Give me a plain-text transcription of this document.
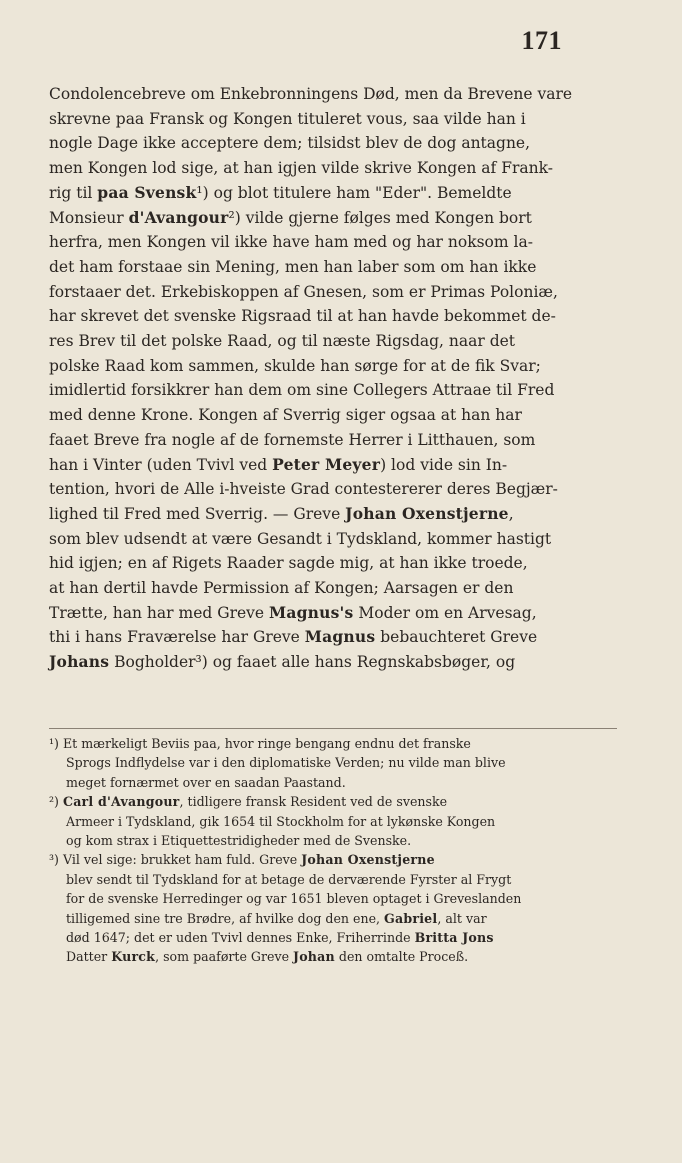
171
Condolencebreve om Enkebronningens Død, men da Brevene vare
skrevne paa Fransk og Kongen tituleret vous, saa vilde han i
nogle Dage ikke acceptere dem; tilsidst blev de dog antagne,
men Kongen lod sige, at han igjen vilde skrive Kongen af Frank-
rig til paa Svensk¹) og blot titulere ham "Eder". Bemeldte
Monsieur d'Avangour²) vilde gjerne følges med Kongen bort
herfra, men Kongen vil ikke have ham med og har noksom la-
det ham forstaae sin Mening, men han laber som om han ikke
forstaaer det. Erkebiskoppen af Gnesen, som er Primas Poloniæ,
har skrevet det svenske Rigsraad til at han havde bekommet de-
res Brev til det polske Raad, og til næste Rigsdag, naar det
polske Raad kom sammen, skulde han sørge for at de fik Svar;
imidlertid forsikkrer han dem om sine Collegers Attraae til Fred
med denne Krone. Kongen af Sverrig siger ogsaa at han har
faaet Breve fra nogle af de fornemste Herrer i Litthauen, som
han i Vinter (uden Tvivl ved Peter Meyer) lod vide sin In-
tention, hvori de Alle i-hveiste Grad contestererer deres Begjær-
lighed til Fred med Sverrig. — Greve Johan Oxenstjerne,
som blev udsendt at være Gesandt i Tydskland, kommer hastigt
hid igjen; en af Rigets Raader sagde mig, at han ikke troede,
at han dertil havde Permission af Kongen; Aarsagen er den
Trætte, han har med Greve Magnus's Moder om en Arvesag,
thi i hans Fraværelse har Greve Magnus bebauchteret Greve
Johans Bogholder³) og faaet alle hans Regnskabsbøger, og
¹) Et mærkeligt Beviis paa, hvor ringe bengang endnu det franske
Sprogs Indflydelse var i den diplomatiske Verden; nu vilde man blive
meget fornærmet over en saadan Paastand.
²) Carl d'Avangour, tidligere fransk Resident ved de svenske
Armeer i Tydskland, gik 1654 til Stockholm for at lykønske Kongen
og kom strax i Etiquettestridigheder med de Svenske.
³) Vil vel sige: brukket ham fuld. Greve Johan Oxenstjerne
blev sendt til Tydskland for at betage de derværende Fyrster al Frygt
for de svenske Herredinger og var 1651 bleven optaget i Greveslanden
tilligemed sine tre Brødre, af hvilke dog den ene, Gabriel, alt var
død 1647; det er uden Tvivl dennes Enke, Friherrinde Britta Jons
Datter Kurck, som paaførte Greve Johan den omtalte Proceß.
